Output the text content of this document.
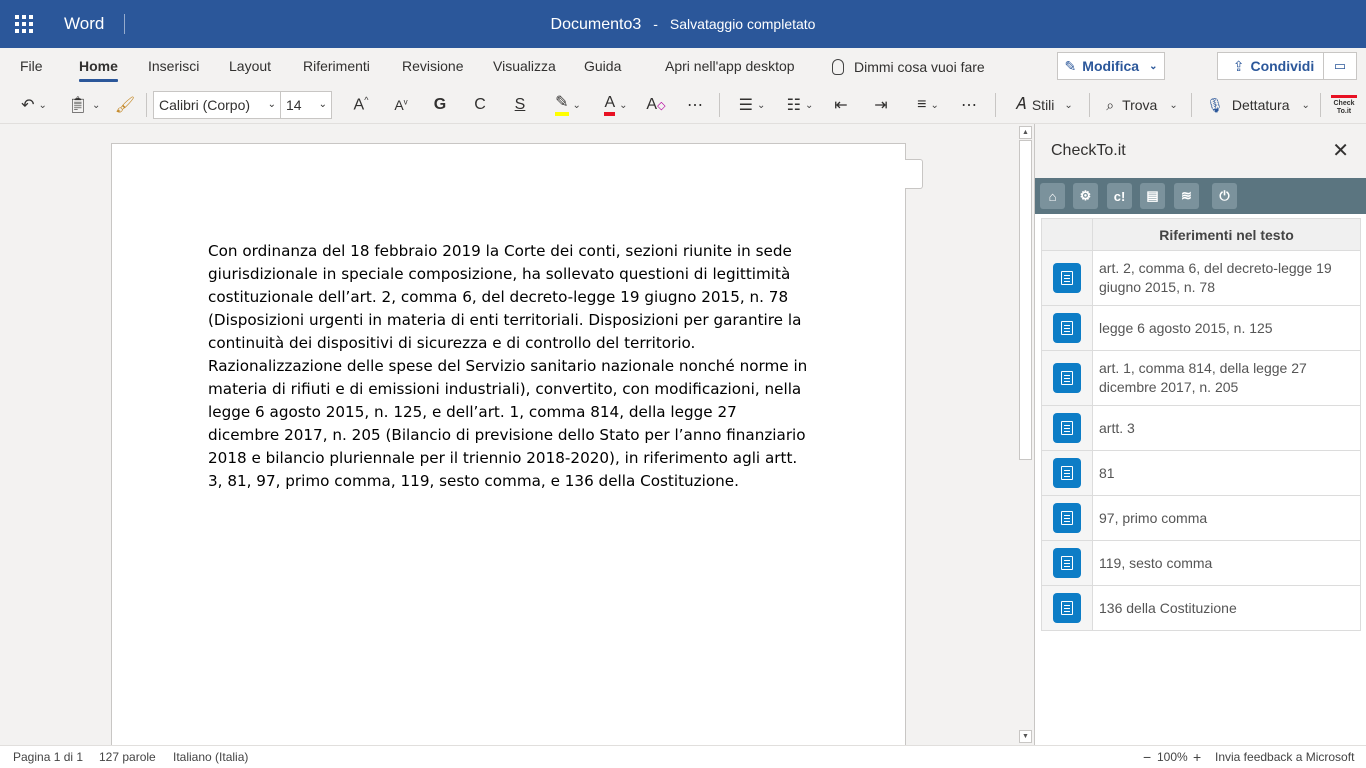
Word	Documento3 - Salvataggio completato
File	Home Inserisci Layout Riferimenti Revisione Visualizza Guida	Apri nell'app desktop	Dimmi cosa vuoi fare	✎ Modifica ⌄	⇪ Condividi ▭
↶ ⌄ 📋︎ ⌄ 🖌︎	Calibri (Corpo) ⌄ 14 ⌄ A^ $A^v$	G	C	S	✎ ⌄ A ⌄ A◇ ⋯ ☰ ⌄ ☷ ⌄ ⇤ ⇥ ≡ ⌄ ⋯ 𝐴 Stili ⌄ ⌕ Trova ⌄ 🎙︎ Dettatura ⌄	Check To.it
Con ordinanza del 18 febbraio 2019 la Corte dei conti, sezioni riunite in sede giurisdizionale in speciale composizione, ha sollevato questioni di legittimità costituzionale dell’art. 2, comma 6, del decreto-legge 19 giugno 2015, n. 78 (Disposizioni urgenti in materia di enti territoriali. Disposizioni per garantire la continuità dei dispositivi di sicurezza e di controllo del territorio. Razionalizzazione delle spese del Servizio sanitario nazionale nonché norme in materia di rifiuti e di emissioni industriali), convertito, con modificazioni, nella legge 6 agosto 2015, n. 125, e dell’art. 1, comma 814, della legge 27 dicembre 2017, n. 205 (Bilancio di previsione dello Stato per l’anno finanziario 2018 e bilancio pluriennale per il triennio 2018-2020), in riferimento agli artt. 3, 81, 97, primo comma, 119, sesto comma, e 136 della Costituzione.
▲
▼
CheckTo.it	✕
⌂	⚙	c!	▤	≋	⏻
	Riferimenti nel testo

	art. 2, comma 6, del decreto-legge 19 giugno 2015, n. 78

	legge 6 agosto 2015, n. 125

	art. 1, comma 814, della legge 27 dicembre 2017, n. 205

	artt. 3

	81

	97, primo comma

	119, sesto comma

	136 della Costituzione
Pagina 1 di 1 127 parole Italiano (Italia)	− 100% + Invia feedback a Microsoft
